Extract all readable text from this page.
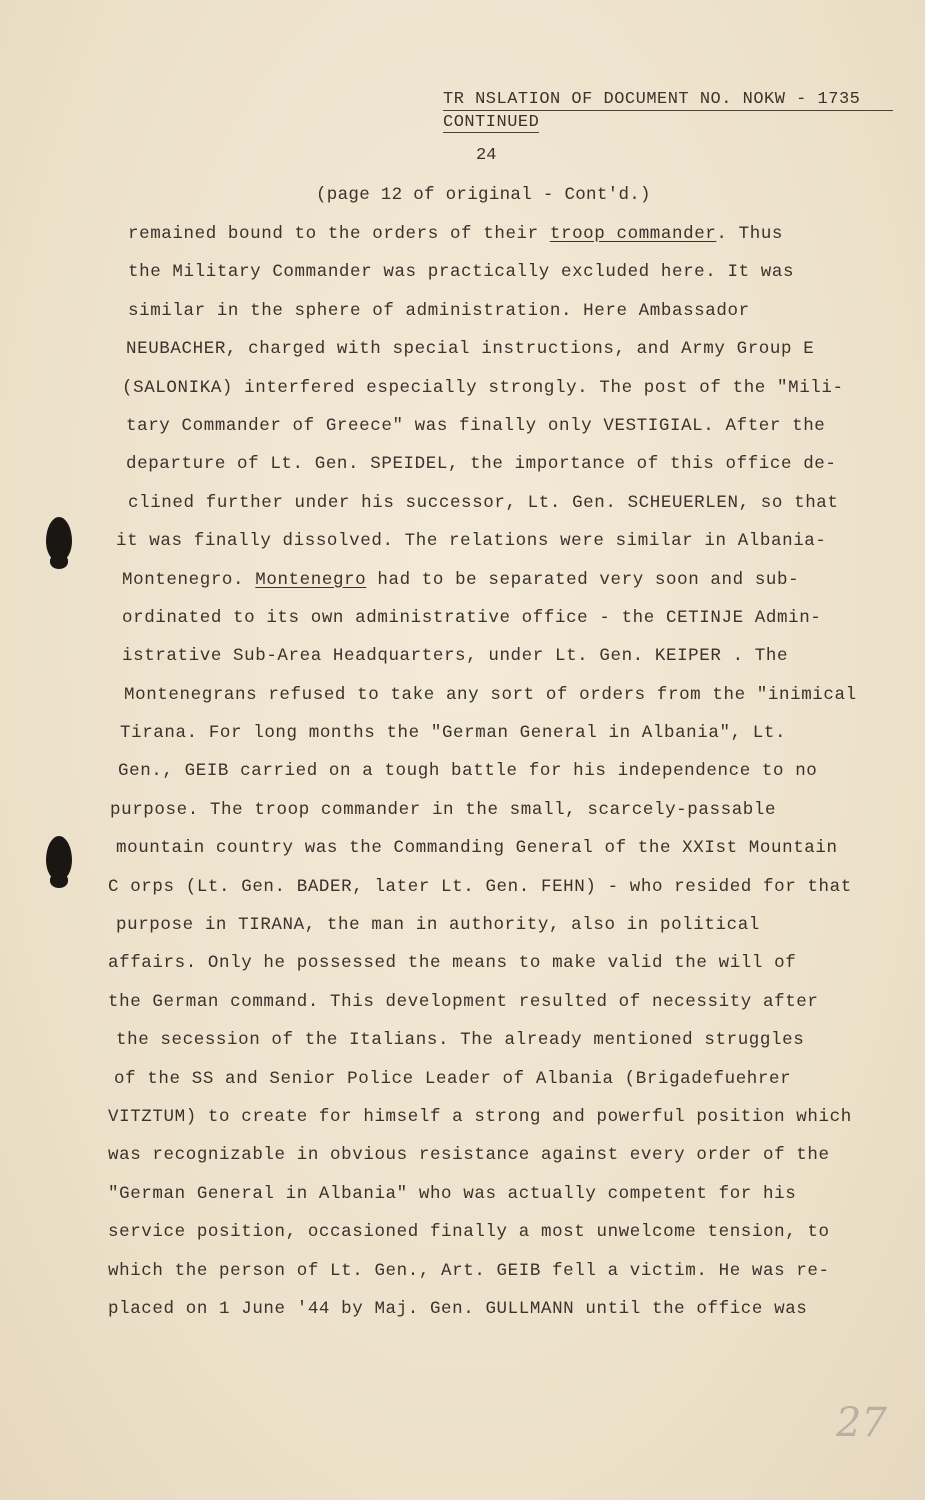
TR NSLATION OF DOCUMENT NO. NOKW - 1735
CONTINUED
24
(page 12 of original - Cont'd.)
remained bound to the orders of their troop commander. Thus
the Military Commander was practically excluded here. It was
similar in the sphere of administration. Here Ambassador
NEUBACHER, charged with special instructions, and Army Group E
(SALONIKA) interfered especially strongly. The post of the "Mili-
tary Commander of Greece" was finally only VESTIGIAL. After the
departure of Lt. Gen. SPEIDEL, the importance of this office de-
clined further under his successor, Lt. Gen. SCHEUERLEN, so that
it was finally dissolved. The relations were similar in Albania-
Montenegro. Montenegro had to be separated very soon and sub-
ordinated to its own administrative office - the CETINJE Admin-
istrative Sub-Area Headquarters, under Lt. Gen. KEIPER . The
Montenegrans refused to take any sort of orders from the "inimical
Tirana. For long months the "German General in Albania", Lt.
Gen., GEIB carried on a tough battle for his independence to no
purpose. The troop commander in the small, scarcely-passable
mountain country was the Commanding General of the XXIst Mountain
C orps (Lt. Gen. BADER, later Lt. Gen. FEHN) - who resided for that
purpose in TIRANA, the man in authority, also in political
affairs. Only he possessed the means to make valid the will of
the German command. This development resulted of necessity after
the secession of the Italians. The already mentioned struggles
of the SS and Senior Police Leader of Albania (Brigadefuehrer
VITZTUM) to create for himself a strong and powerful position which
was recognizable in obvious resistance against every order of the
"German General in Albania" who was actually competent for his
service position, occasioned finally a most unwelcome tension, to
which the person of Lt. Gen., Art. GEIB fell a victim. He was re-
placed on 1 June '44 by Maj. Gen. GULLMANN until the office was
27
